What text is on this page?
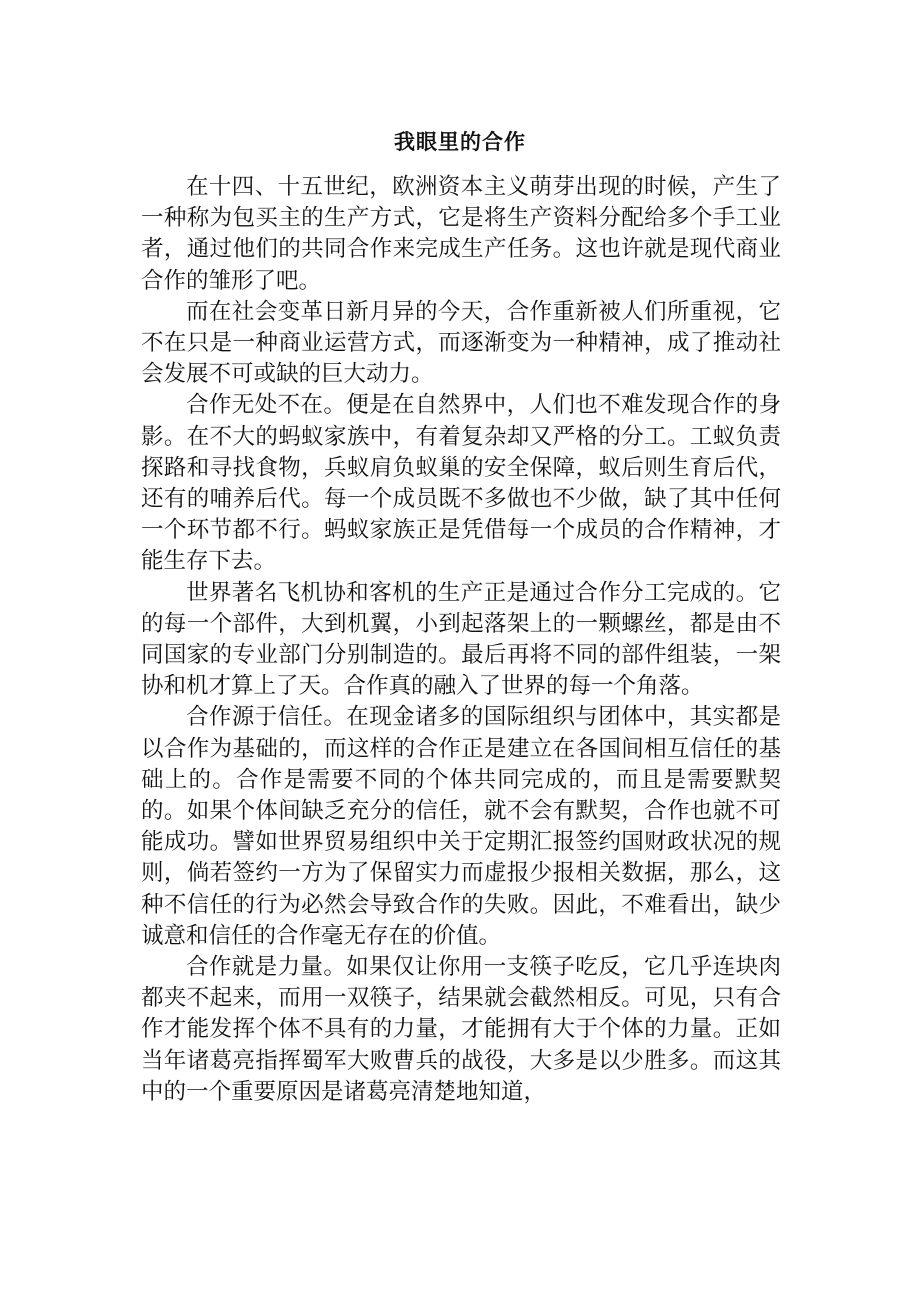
我眼里的合作

在十四、十五世纪，欧洲资本主义萌芽出现的时候，产生了一种称为包买主的生产方式，它是将生产资料分配给多个手工业者，通过他们的共同合作来完成生产任务。这也许就是现代商业合作的雏形了吧。

而在社会变革日新月异的今天，合作重新被人们所重视，它不在只是一种商业运营方式，而逐渐变为一种精神，成了推动社会发展不可或缺的巨大动力。

合作无处不在。便是在自然界中，人们也不难发现合作的身影。在不大的蚂蚁家族中，有着复杂却又严格的分工。工蚁负责探路和寻找食物，兵蚁肩负蚁巢的安全保障，蚁后则生育后代，还有的哺养后代。每一个成员既不多做也不少做，缺了其中任何一个环节都不行。蚂蚁家族正是凭借每一个成员的合作精神，才能生存下去。

世界著名飞机协和客机的生产正是通过合作分工完成的。它的每一个部件，大到机翼，小到起落架上的一颗螺丝，都是由不同国家的专业部门分别制造的。最后再将不同的部件组装，一架协和机才算上了天。合作真的融入了世界的每一个角落。

合作源于信任。在现金诸多的国际组织与团体中，其实都是以合作为基础的，而这样的合作正是建立在各国间相互信任的基础上的。合作是需要不同的个体共同完成的，而且是需要默契的。如果个体间缺乏充分的信任，就不会有默契，合作也就不可能成功。譬如世界贸易组织中关于定期汇报签约国财政状况的规则，倘若签约一方为了保留实力而虚报少报相关数据，那么，这种不信任的行为必然会导致合作的失败。因此，不难看出，缺少诚意和信任的合作毫无存在的价值。

合作就是力量。如果仅让你用一支筷子吃反，它几乎连块肉都夹不起来，而用一双筷子，结果就会截然相反。可见，只有合作才能发挥个体不具有的力量，才能拥有大于个体的力量。正如当年诸葛亮指挥蜀军大败曹兵的战役，大多是以少胜多。而这其中的一个重要原因是诸葛亮清楚地知道，
